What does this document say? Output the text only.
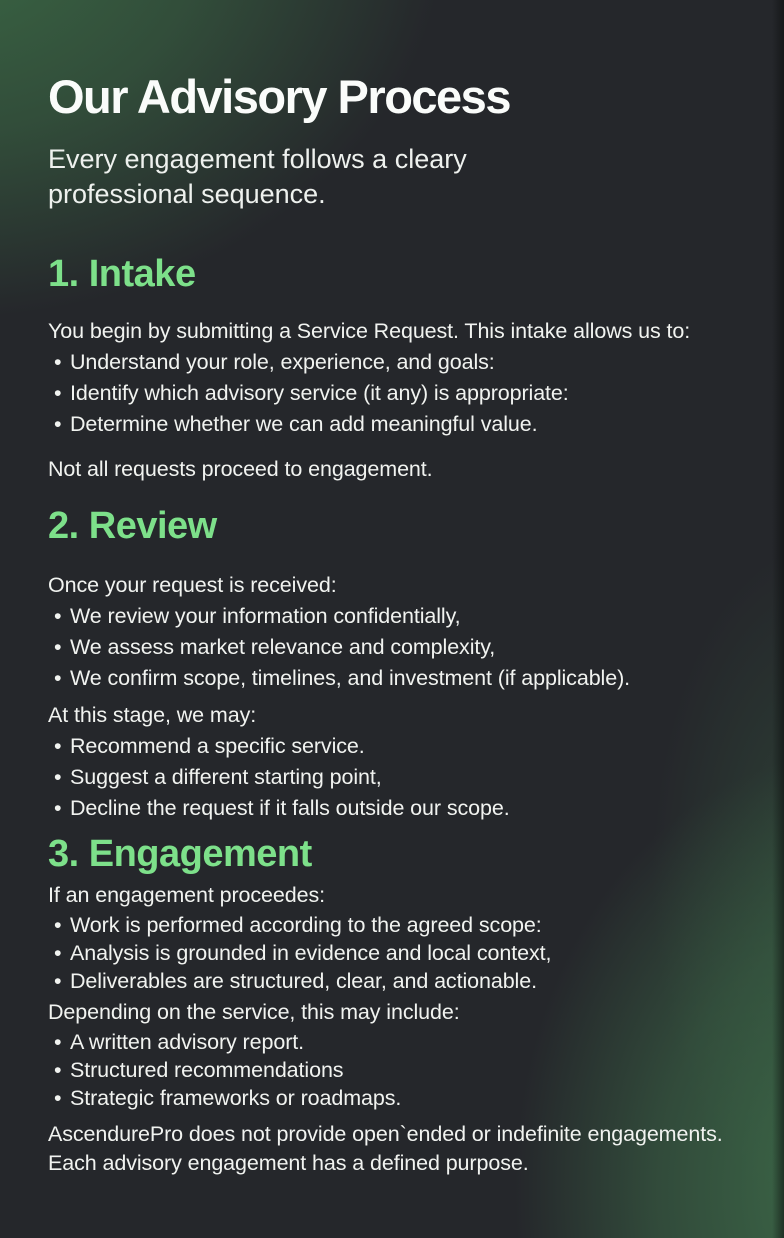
Our Advisory Process

Every engagement follows a cleary professional sequence.

1. Intake

You begin by submitting a Service Request. This intake allows us to:

• Understand your role, experience, and goals:
• Identify which advisory service (it any) is appropriate:
• Determine whether we can add meaningful value.

Not all requests proceed to engagement.

2. Review

Once your request is received:

• We review your information confidentially,
• We assess market relevance and complexity,
• We confirm scope, timelines, and investment (if applicable).

At this stage, we may:

• Recommend a specific service.
• Suggest a different starting point,
• Decline the request if it falls outside our scope.
3. Engagement

If an engagement proceedes:

• Work is performed according to the agreed scope:
• Analysis is grounded in evidence and local context,
• Deliverables are structured, clear, and actionable.

Depending on the service, this may include:

• A written advisory report.
• Structured recommendations
• Strategic frameworks or roadmaps.

AscendurePro does not provide open`ended or indefinite engagements.

Each advisory engagement has a defined purpose.
